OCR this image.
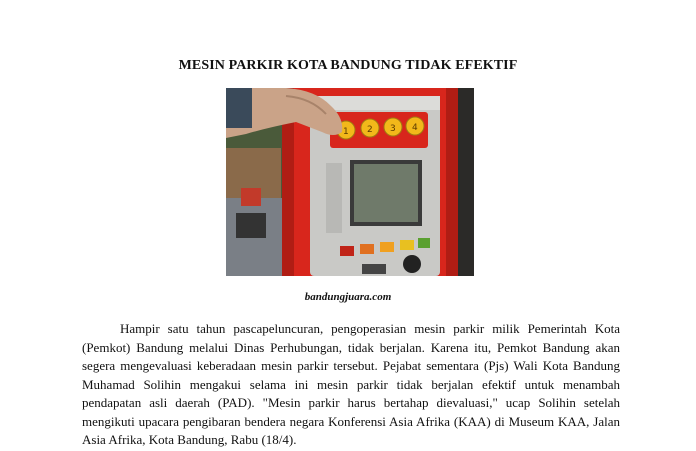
MESIN PARKIR KOTA BANDUNG TIDAK EFEKTIF
1 2 3 4
bandungjuara.com

Hampir satu tahun pascapeluncuran, pengoperasian mesin parkir milik Pemerintah Kota (Pemkot) Bandung melalui Dinas Perhubungan, tidak berjalan. Karena itu, Pemkot Bandung akan segera mengevaluasi keberadaan mesin parkir tersebut. Pejabat sementara (Pjs) Wali Kota Bandung Muhamad Solihin mengakui selama ini mesin parkir tidak berjalan efektif untuk menambah pendapatan asli daerah (PAD). "Mesin parkir harus bertahap dievaluasi," ucap Solihin setelah mengikuti upacara pengibaran bendera negara Konferensi Asia Afrika (KAA) di Museum KAA, Jalan Asia Afrika, Kota Bandung, Rabu (18/4).
